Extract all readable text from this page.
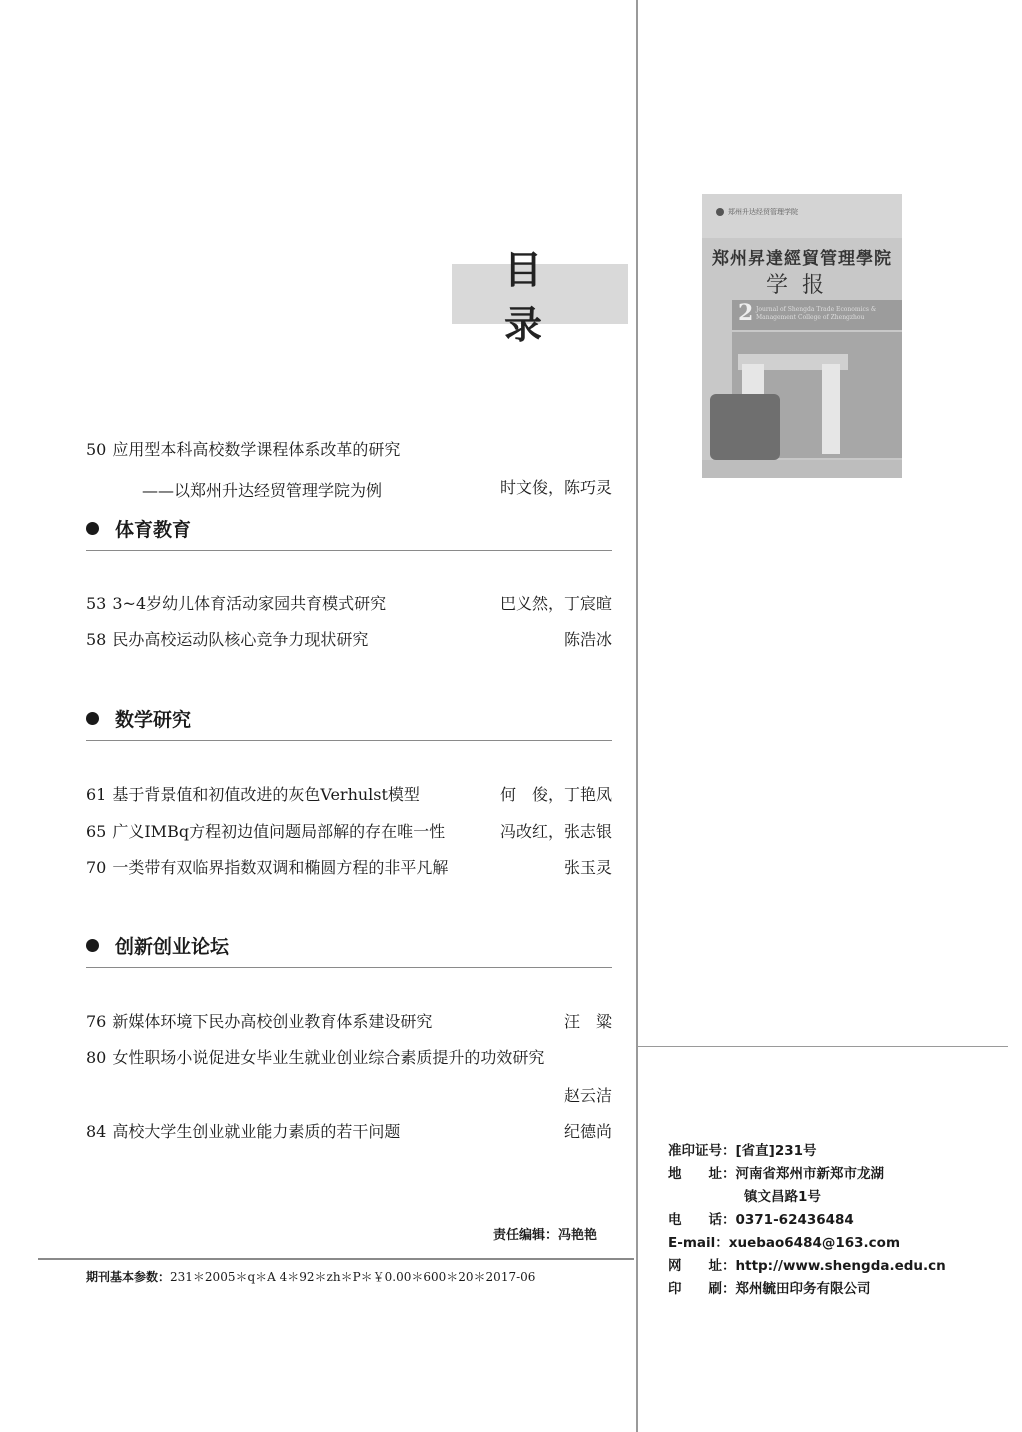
目录
50 应用型本科高校数学课程体系改革的研究
——以郑州升达经贸管理学院为例	时文俊，陈巧灵
体育教育
53 3~4岁幼儿体育活动家园共育模式研究	巴义然，丁宸暄
58 民办高校运动队核心竞争力现状研究	陈浩冰
数学研究
61 基于背景值和初值改进的灰色Verhulst模型	何　俊，丁艳凤
65 广义IMBq方程初边值问题局部解的存在唯一性	冯改红，张志银
70 一类带有双临界指数双调和椭圆方程的非平凡解	张玉灵
创新创业论坛
76 新媒体环境下民办高校创业教育体系建设研究	汪　粱
80 女性职场小说促进女毕业生就业创业综合素质提升的功效研究
赵云洁
84 高校大学生创业就业能力素质的若干问题	纪德尚
责任编辑：冯艳艳
期刊基本参数：231＊2005＊q＊A 4＊92＊zh＊P＊￥0.00＊600＊20＊2017-06
郑州升达经贸管理学院
郑州昇達經貿管理學院
学报
2 Journal of Shengda Trade Economics & Management College of Zhengzhou
准印证号：[省直]231号
地　　址：河南省郑州市新郑市龙湖
镇文昌路1号
电　　话：0371-62436484
E-mail：xuebao6484@163.com
网　　址：http://www.shengda.edu.cn
印　　刷：郑州毓田印务有限公司
